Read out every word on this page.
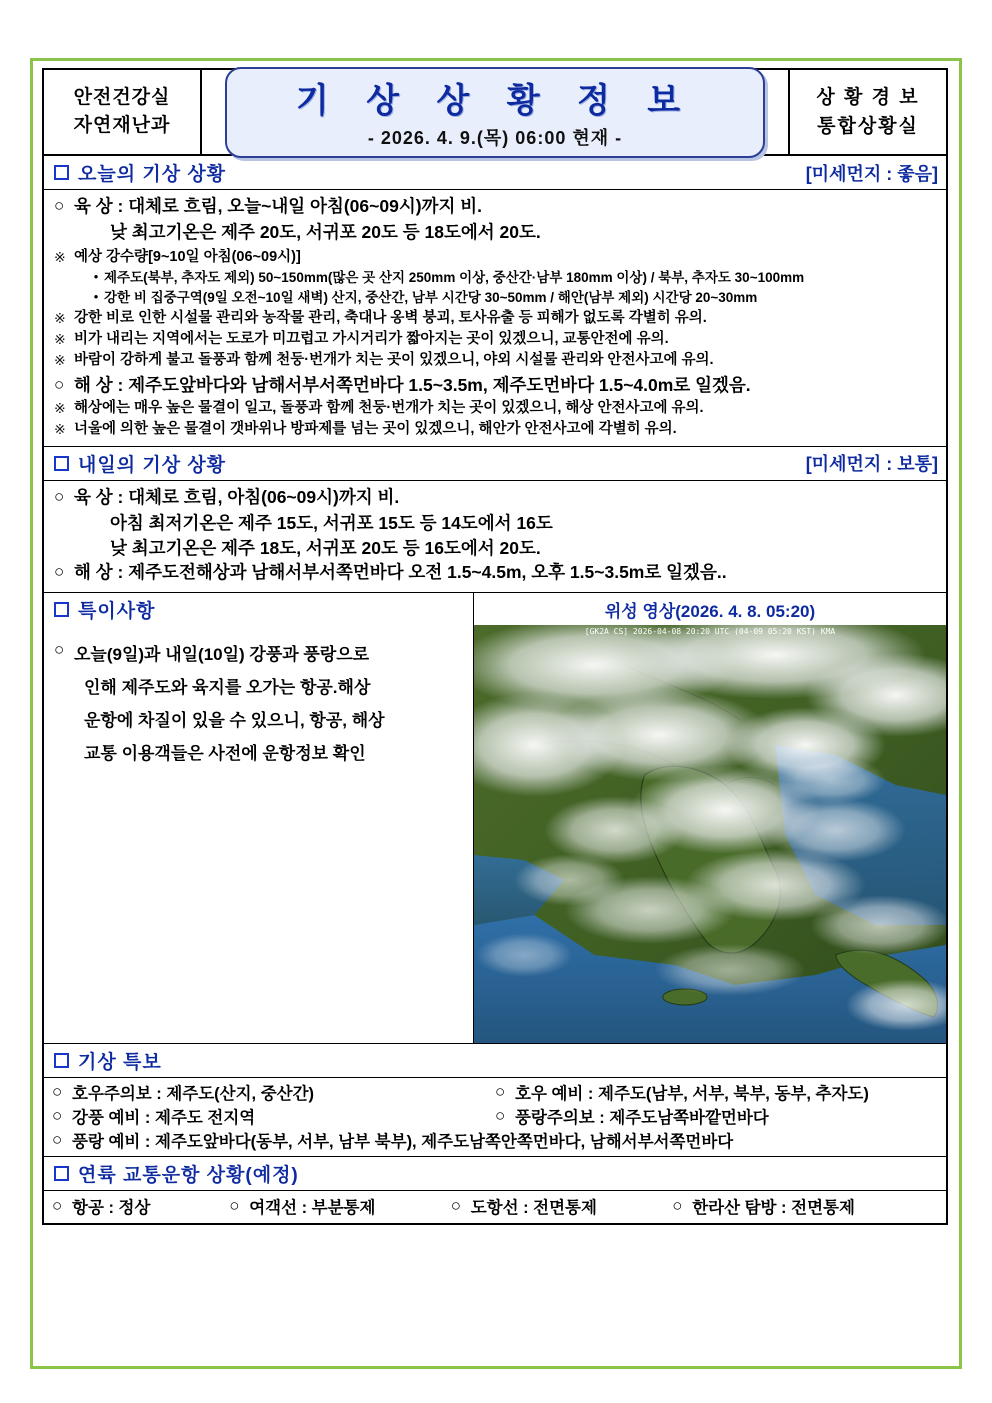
안전건강실
자연재난과
기 상 상 황 정 보
- 2026. 4. 9.(목) 06:00 현재 -
상 황 경 보
통합상황실
오늘의 기상 상황	[미세먼지 : 좋음]
○ 육 상 : 대체로 흐림, 오늘~내일 아침(06~09시)까지 비.
낮 최고기온은 제주 20도, 서귀포 20도 등 18도에서 20도.
※ 예상 강수량[9~10일 아침(06~09시)]
• 제주도(북부, 추자도 제외) 50~150mm(많은 곳 산지 250mm 이상, 중산간·남부 180mm 이상) / 북부, 추자도 30~100mm
• 강한 비 집중구역(9일 오전~10일 새벽) 산지, 중산간, 남부 시간당 30~50mm / 해안(남부 제외) 시간당 20~30mm
※ 강한 비로 인한 시설물 관리와 농작물 관리, 축대나 옹벽 붕괴, 토사유출 등 피해가 없도록 각별히 유의.
※ 비가 내리는 지역에서는 도로가 미끄럽고 가시거리가 짧아지는 곳이 있겠으니, 교통안전에 유의.
※ 바람이 강하게 불고 돌풍과 함께 천둥·번개가 치는 곳이 있겠으니, 야외 시설물 관리와 안전사고에 유의.
○ 해 상 : 제주도앞바다와 남해서부서쪽먼바다 1.5~3.5m, 제주도먼바다 1.5~4.0m로 일겠음.
※ 해상에는 매우 높은 물결이 일고, 돌풍과 함께 천둥·번개가 치는 곳이 있겠으니, 해상 안전사고에 유의.
※ 너울에 의한 높은 물결이 갯바위나 방파제를 넘는 곳이 있겠으니, 해안가 안전사고에 각별히 유의.
내일의 기상 상황	[미세먼지 : 보통]
○ 육 상 : 대체로 흐림, 아침(06~09시)까지 비.
아침 최저기온은 제주 15도, 서귀포 15도 등 14도에서 16도
낮 최고기온은 제주 18도, 서귀포 20도 등 16도에서 20도.
○ 해 상 : 제주도전해상과 남해서부서쪽먼바다 오전 1.5~4.5m, 오후 1.5~3.5m로 일겠음..
특이사항
○ 오늘(9일)과 내일(10일) 강풍과 풍랑으로
인해 제주도와 육지를 오가는 항공.해상
운항에 차질이 있을 수 있으니, 항공, 해상
교통 이용객들은 사전에 운항정보 확인
위성 영상(2026. 4. 8. 05:20)
[GK2A CS] 2026-04-08 20:20 UTC (04-09 05:20 KST) KMA
기상 특보
○ 호우주의보 : 제주도(산지, 중산간)	○ 호우 예비 : 제주도(남부, 서부, 북부, 동부, 추자도)
○ 강풍 예비 : 제주도 전지역	○ 풍랑주의보 : 제주도남쪽바깥먼바다
○ 풍랑 예비 : 제주도앞바다(동부, 서부, 남부 북부), 제주도남쪽안쪽먼바다, 남해서부서쪽먼바다
연륙 교통운항 상황(예정)
○ 항공 : 정상	○ 여객선 : 부분통제	○ 도항선 : 전면통제	○ 한라산 탐방 : 전면통제
